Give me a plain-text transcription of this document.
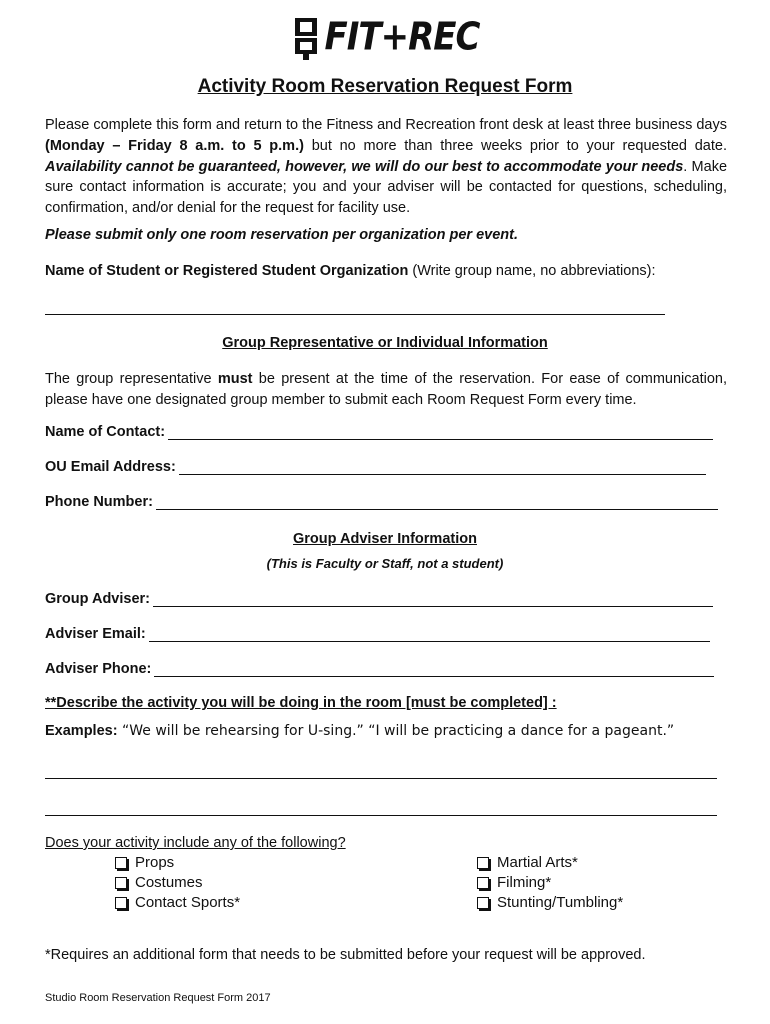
FIT+REC
Activity Room Reservation Request Form
Please complete this form and return to the Fitness and Recreation front desk at least three business days (Monday – Friday 8 a.m. to 5 p.m.) but no more than three weeks prior to your requested date. Availability cannot be guaranteed, however, we will do our best to accommodate your needs. Make sure contact information is accurate; you and your adviser will be contacted for questions, scheduling, confirmation, and/or denial for the request for facility use.
Please submit only one room reservation per organization per event.
Name of Student or Registered Student Organization (Write group name, no abbreviations):
Group Representative or Individual Information
The group representative must be present at the time of the reservation. For ease of communication, please have one designated group member to submit each Room Request Form every time.
Name of Contact:
OU Email Address:
Phone Number:
Group Adviser Information
(This is Faculty or Staff, not a student)
Group Adviser:
Adviser Email:
Adviser Phone:
**Describe the activity you will be doing in the room [must be completed] :
Examples: “We will be rehearsing for U-sing.” “I will be practicing a dance for a pageant.”
Does your activity include any of the following?
Props
Costumes
Contact Sports*
Martial Arts*
Filming*
Stunting/Tumbling*
*Requires an additional form that needs to be submitted before your request will be approved.
Studio Room Reservation Request Form 2017
